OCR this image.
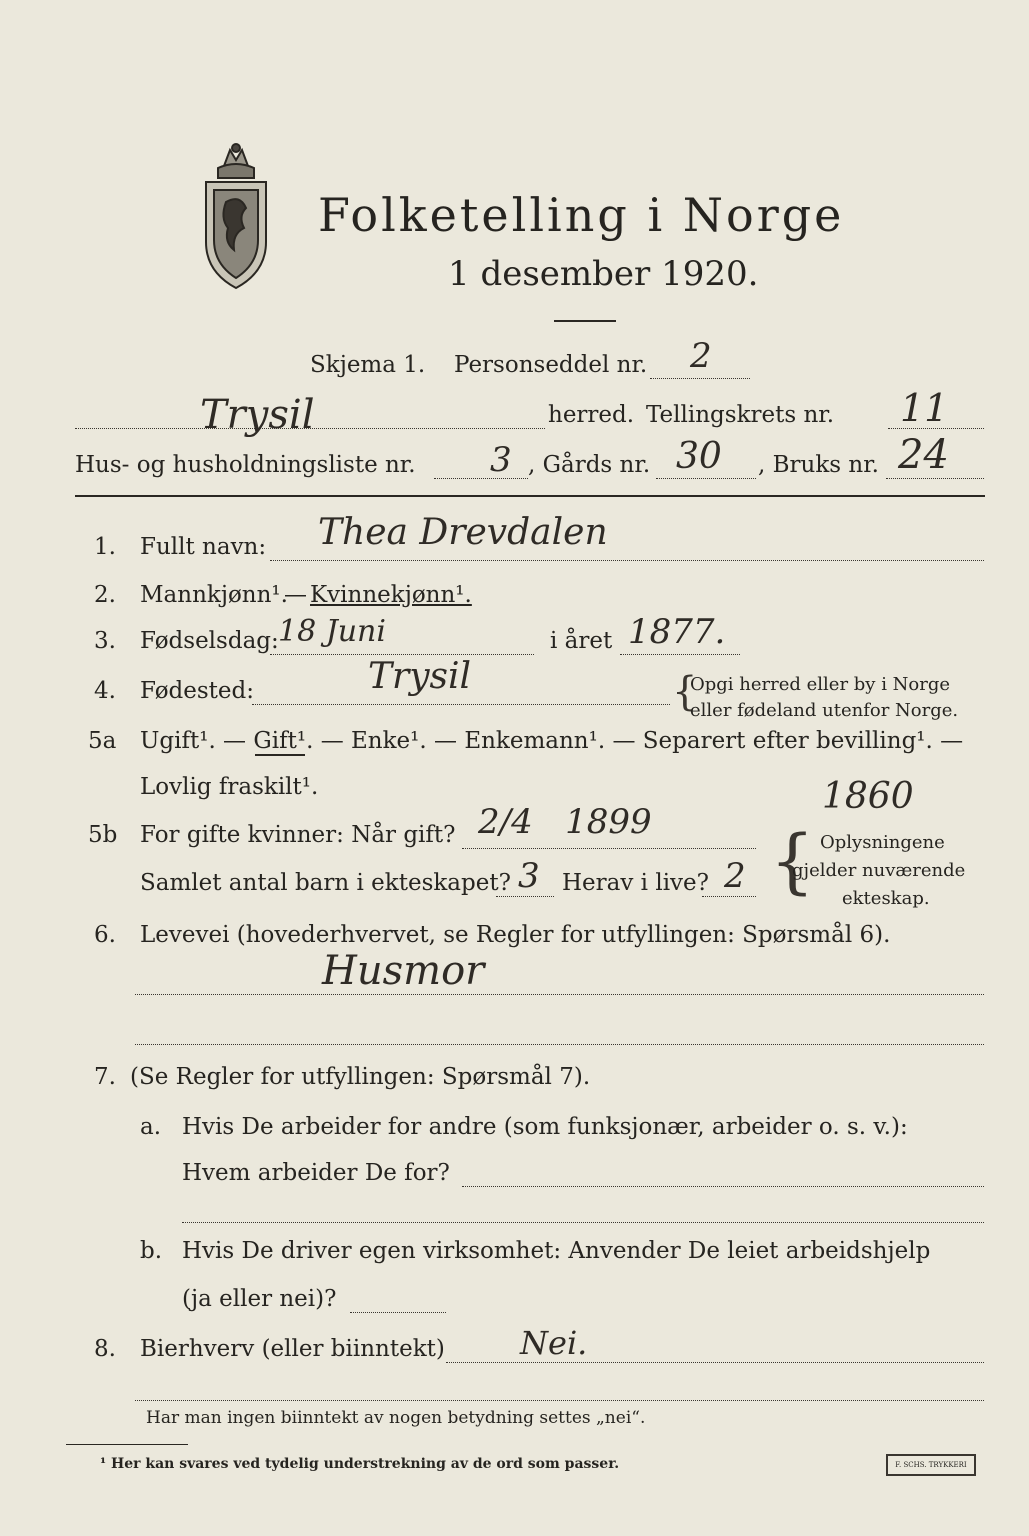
Folketelling i Norge
1 desember 1920.
Skjema 1. Personseddel nr. 2
Trysil	herred. Tellingskrets nr. 11
Hus- og husholdningsliste nr. 3 , Gårds nr. 30 , Bruks nr. 24
1. Fullt navn: Thea Drevdalen
2. Mannkjønn¹.
— Kvinnekjønn¹.
3. Fødselsdag: 18 Juni	i året 1877.
4. Fødested:	Trysil	{
Opgi herred eller by i Norge
eller fødeland utenfor Norge.
5a Ugift¹. — Gift¹. — Enke¹. — Enkemann¹. — Separert efter bevilling¹. —
Lovlig fraskilt¹.
5b For gifte kvinner: Når gift? 2/4   1899
1860
Samlet antal barn i ekteskapet? 3 Herav i live? 2 { Oplysningene
gjelder nuværende
ekteskap.
6. Levevei (hovederhvervet, se Regler for utfyllingen: Spørsmål 6).
Husmor
7. (Se Regler for utfyllingen: Spørsmål 7).
a. Hvis De arbeider for andre (som funksjonær, arbeider o. s. v.):
Hvem arbeider De for?
b. Hvis De driver egen virksomhet: Anvender De leiet arbeidshjelp
(ja eller nei)?
8. Bierhverv (eller biinntekt) Nei.
Har man ingen biinntekt av nogen betydning settes „nei“.
¹ Her kan svares ved tydelig understrekning av de ord som passer.	F. SCHS. TRYKKERI
